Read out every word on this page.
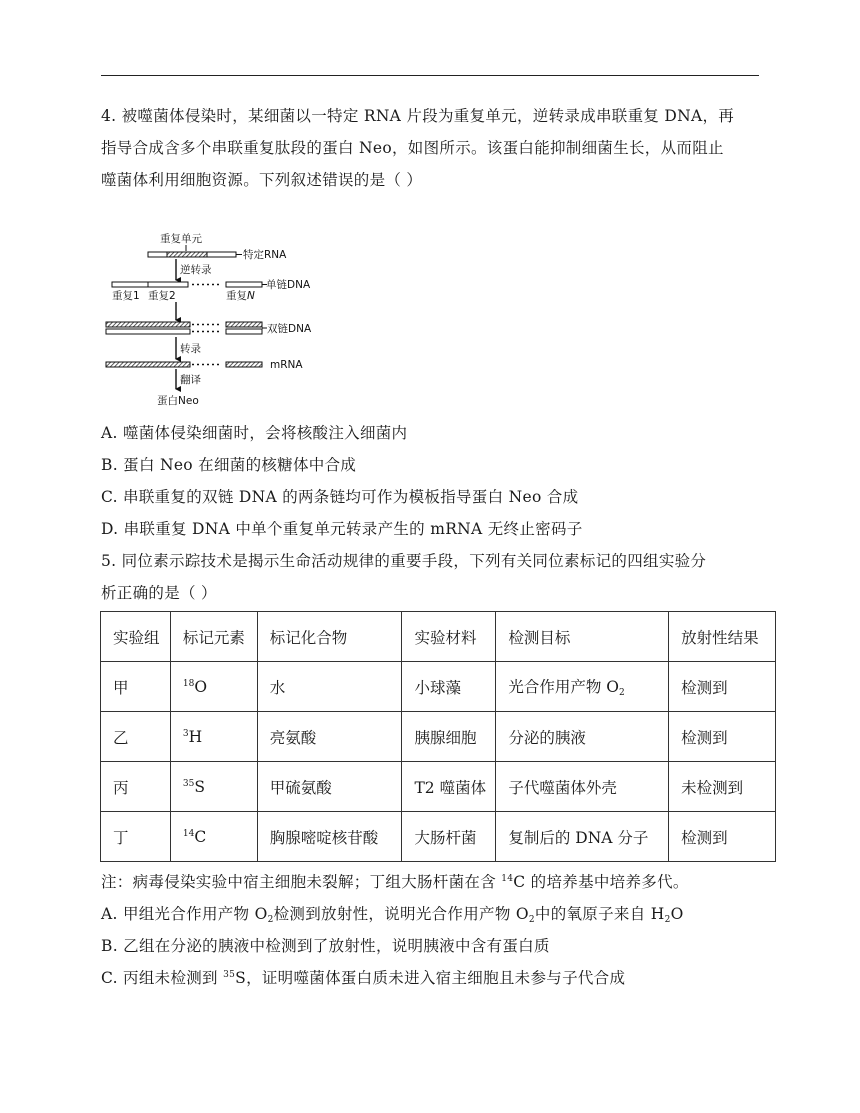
4. 被噬菌体侵染时，某细菌以一特定 RNA 片段为重复单元，逆转录成串联重复 DNA，再
指导合成含多个串联重复肽段的蛋白 Neo，如图所示。该蛋白能抑制细菌生长，从而阻止
噬菌体利用细胞资源。下列叙述错误的是（ ）
重复单元
特定RNA
逆转录
单链DNA
重复1 重复2	重复N
双链DNA
转录
mRNA
翻译
蛋白Neo
A. 噬菌体侵染细菌时，会将核酸注入细菌内
B. 蛋白 Neo 在细菌的核糖体中合成
C. 串联重复的双链 DNA 的两条链均可作为模板指导蛋白 Neo 合成
D. 串联重复 DNA 中单个重复单元转录产生的 mRNA 无终止密码子
5. 同位素示踪技术是揭示生命活动规律的重要手段，下列有关同位素标记的四组实验分
析正确的是（ ）
实验组	标记元素	标记化合物	实验材料	检测目标	放射性结果
甲	$^{18}$O	水	小球藻	光合作用产物 $O_2$	检测到
乙	$^3$H	亮氨酸	胰腺细胞	分泌的胰液	检测到
丙	$^{35}$S	甲硫氨酸	T2 噬菌体	子代噬菌体外壳	未检测到
丁	$^{14}$C	胸腺嘧啶核苷酸	大肠杆菌	复制后的 DNA 分子	检测到
注：病毒侵染实验中宿主细胞未裂解；丁组大肠杆菌在含 $^{14}$C 的培养基中培养多代。
A. 甲组光合作用产物 $O_2$检测到放射性，说明光合作用产物 $O_2$中的氧原子来自 $H_2O$
B. 乙组在分泌的胰液中检测到了放射性，说明胰液中含有蛋白质
C. 丙组未检测到 $^{35}$S，证明噬菌体蛋白质未进入宿主细胞且未参与子代合成
